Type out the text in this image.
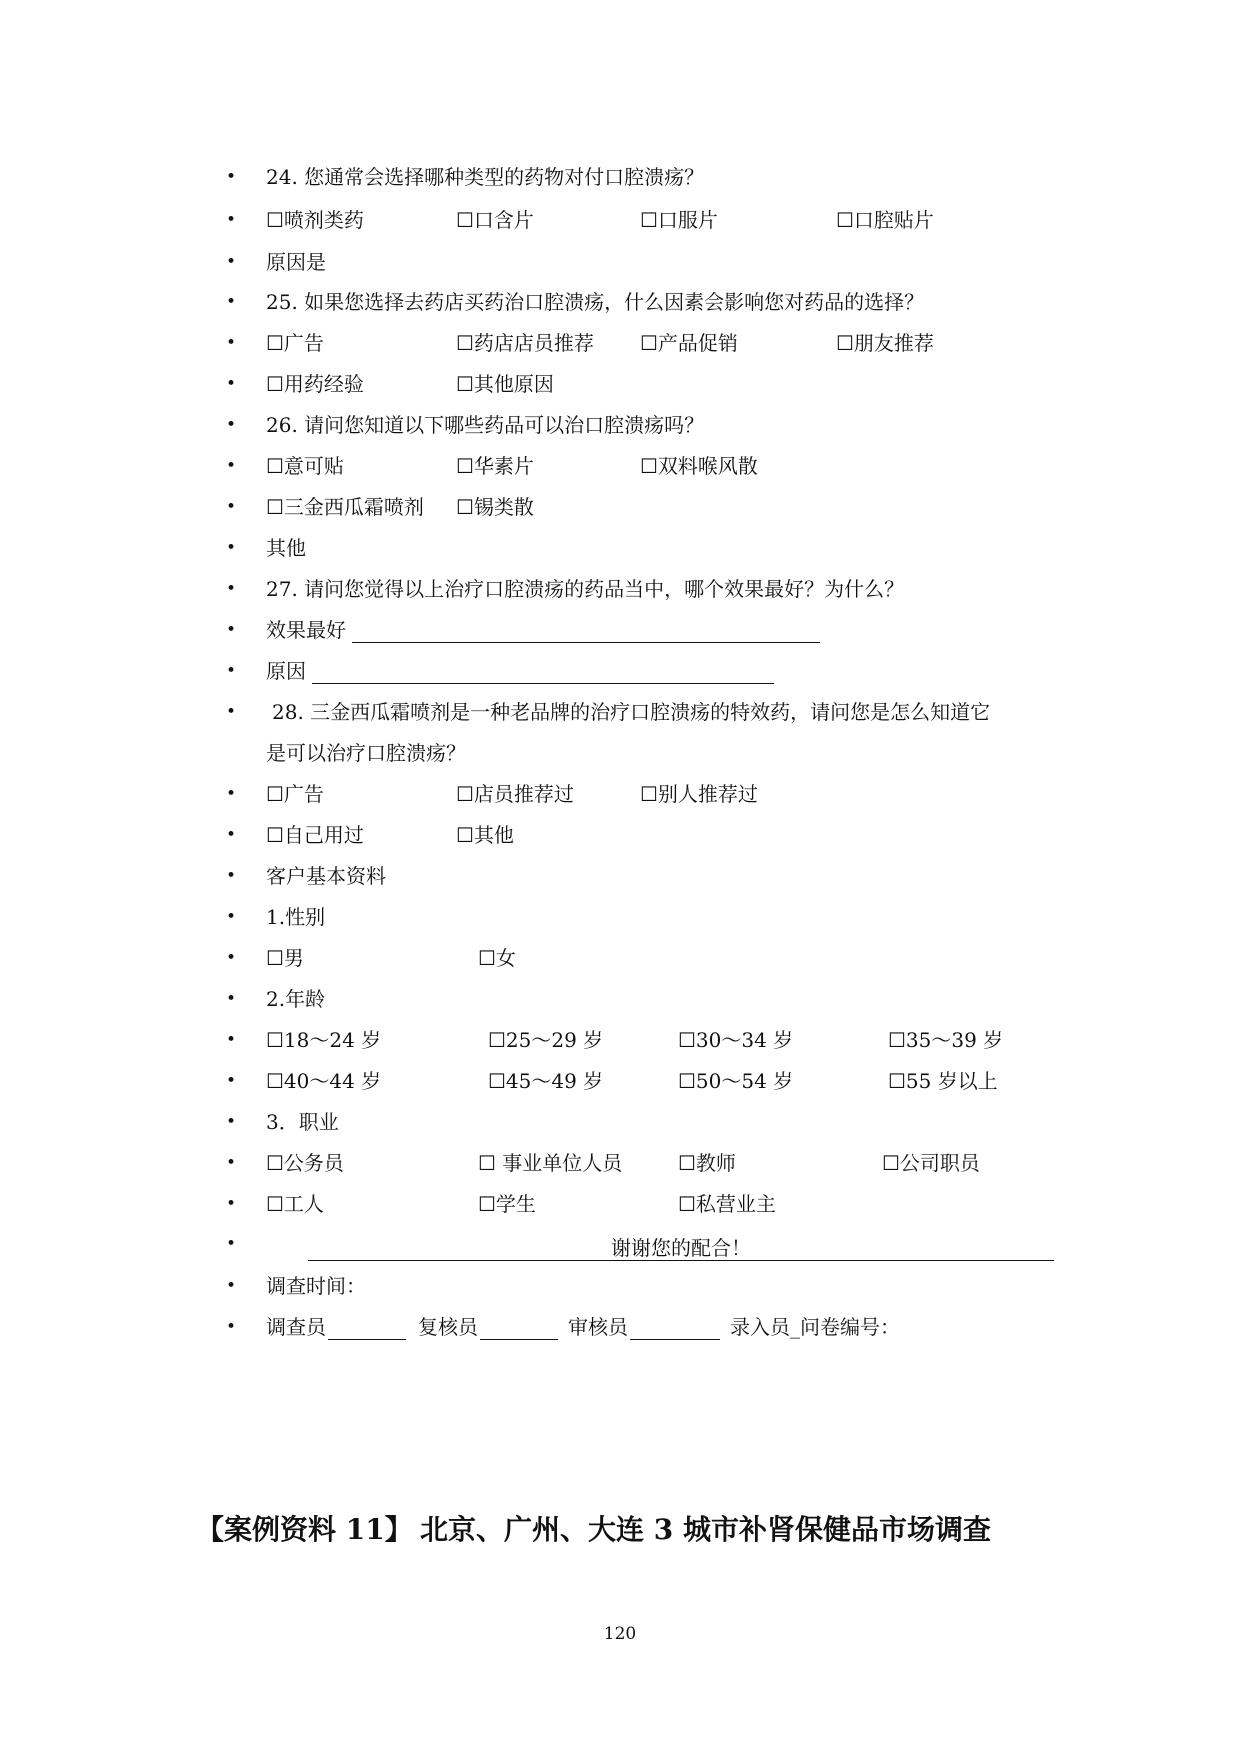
•	24. 您通常会选择哪种类型的药物对付口腔溃疡？
•	☐喷剂类药	☐口含片	☐口服片	☐口腔贴片
•	原因是
•	25. 如果您选择去药店买药治口腔溃疡，什么因素会影响您对药品的选择？
•	☐广告	☐药店店员推荐 ☐产品促销	☐朋友推荐
•	☐用药经验	☐其他原因
•	26. 请问您知道以下哪些药品可以治口腔溃疡吗？
•	☐意可贴	☐华素片	☐双料喉风散
•	☐三金西瓜霜喷剂 ☐锡类散
•	其他
•	27. 请问您觉得以上治疗口腔溃疡的药品当中，哪个效果最好？为什么？
•	效果最好
•	原因
•	28. 三金西瓜霜喷剂是一种老品牌的治疗口腔溃疡的特效药，请问您是怎么知道它
是可以治疗口腔溃疡？
•	☐广告	☐店员推荐过	☐别人推荐过
•	☐自己用过	☐其他
•	客户基本资料
•	1.性别
•	☐男	☐女
•	2.年龄
•	☐18～24 岁	☐25～29 岁	☐30～34 岁	☐35～39 岁
•	☐40～44 岁	☐45～49 岁	☐50～54 岁	☐55 岁以上
•	3．职业
•	☐公务员	☐ 事业单位人员	☐教师	☐公司职员
•	☐工人	☐学生	☐私营业主
•	谢谢您的配合！
•	调查时间：
•	调查员	复核员	审核员	录入员_问卷编号：
【案例资料 11】 北京、广州、大连 3 城市补肾保健品市场调查
120
